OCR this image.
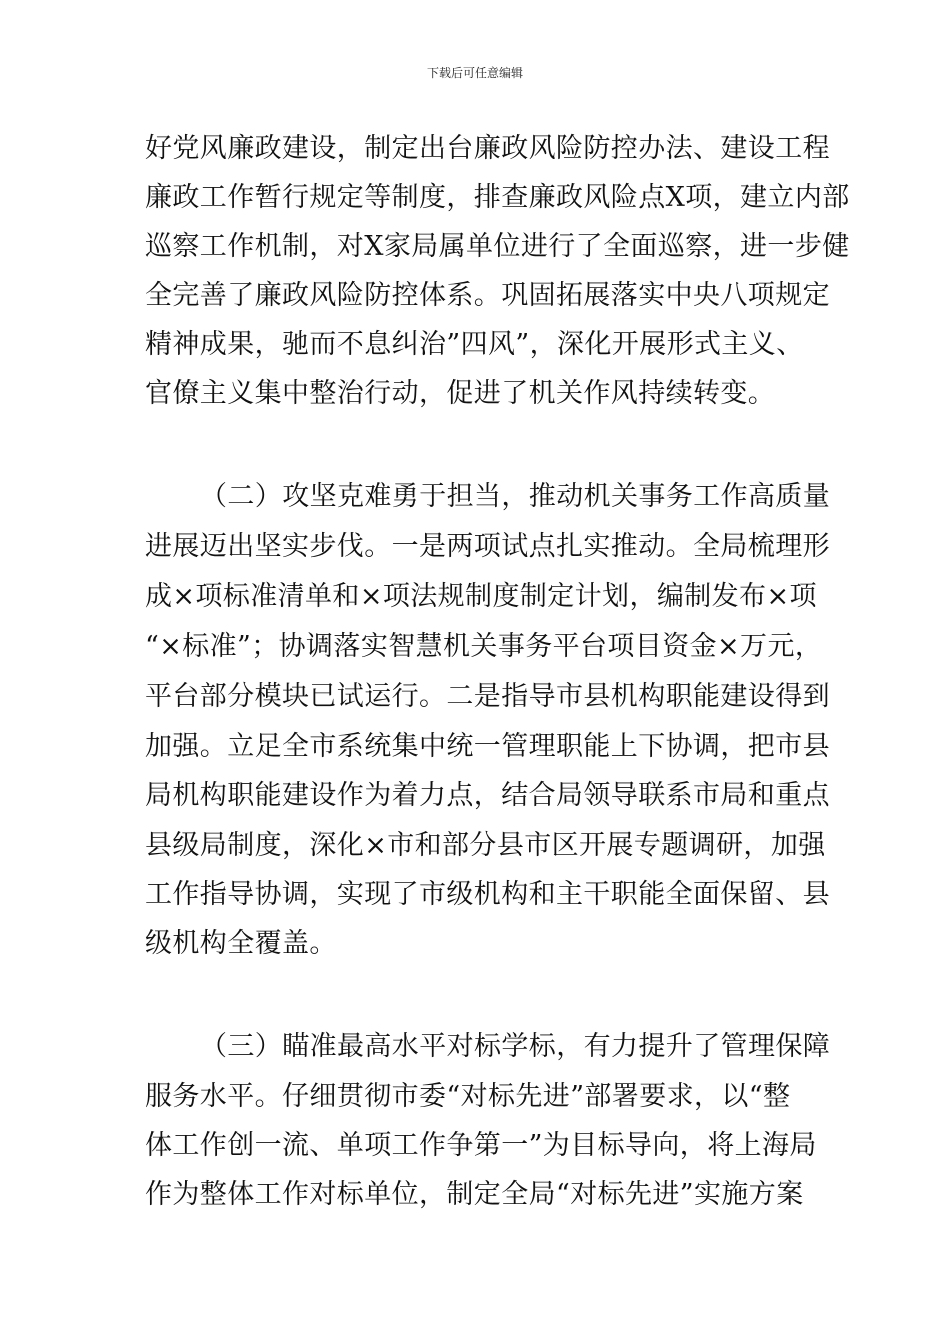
下载后可任意编辑
好党风廉政建设，制定出台廉政风险防控办法、建设工程
廉政工作暂行规定等制度，排查廉政风险点X项，建立内部
巡察工作机制，对X家局属单位进行了全面巡察，进一步健
全完善了廉政风险防控体系。巩固拓展落实中央八项规定
精神成果，驰而不息纠治”四风”，深化开展形式主义、
官僚主义集中整治行动，促进了机关作风持续转变。
（二）攻坚克难勇于担当，推动机关事务工作高质量
进展迈出坚实步伐。一是两项试点扎实推动。全局梳理形
成×项标准清单和×项法规制度制定计划，编制发布×项
“×标准”；协调落实智慧机关事务平台项目资金×万元，
平台部分模块已试运行。二是指导市县机构职能建设得到
加强。立足全市系统集中统一管理职能上下协调，把市县
局机构职能建设作为着力点，结合局领导联系市局和重点
县级局制度，深化×市和部分县市区开展专题调研，加强
工作指导协调，实现了市级机构和主干职能全面保留、县
级机构全覆盖。
（三）瞄准最高水平对标学标，有力提升了管理保障
服务水平。仔细贯彻市委“对标先进”部署要求，以“整
体工作创一流、单项工作争第一”为目标导向，将上海局
作为整体工作对标单位，制定全局“对标先进”实施方案
